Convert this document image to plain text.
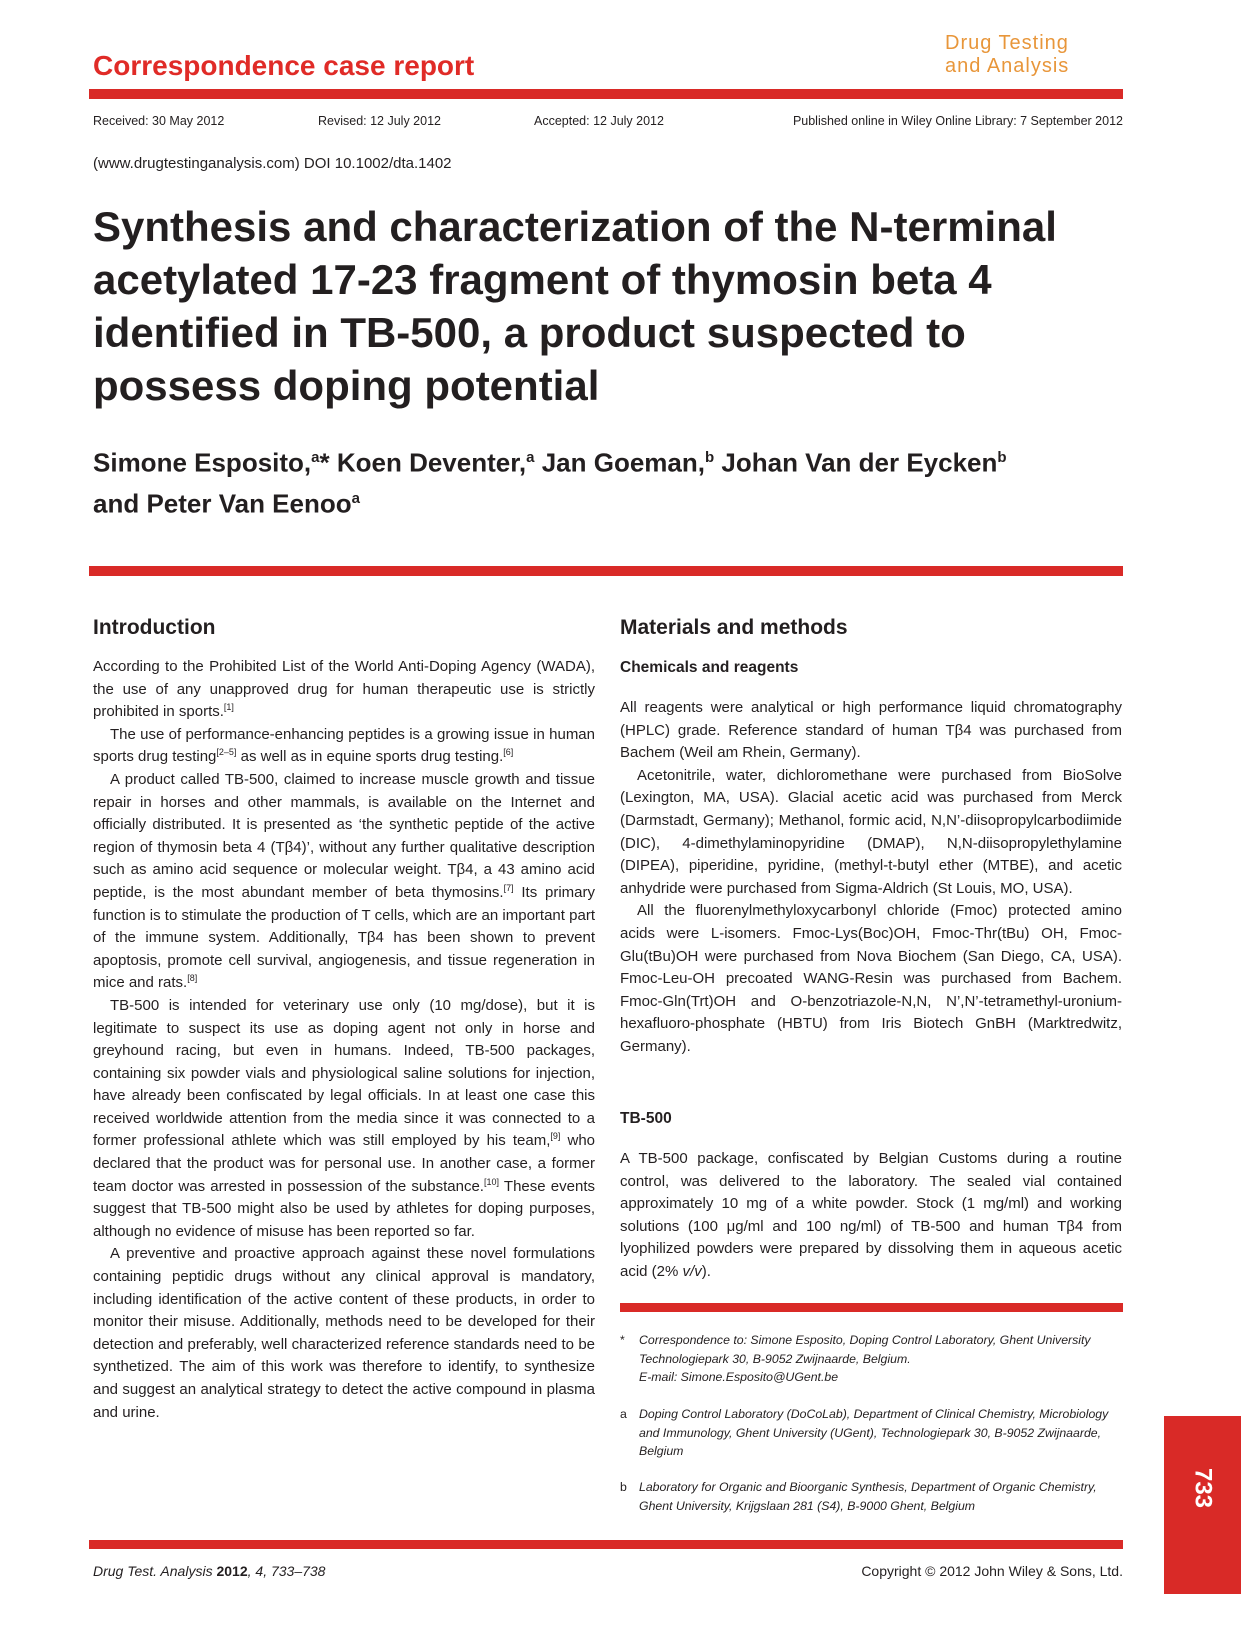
Correspondence case report
Drug Testing
and Analysis
Received: 30 May 2012	Revised: 12 July 2012	Accepted: 12 July 2012	Published online in Wiley Online Library: 7 September 2012
(www.drugtestinganalysis.com) DOI 10.1002/dta.1402
Synthesis and characterization of the N-terminal acetylated 17-23 fragment of thymosin beta 4 identified in TB-500, a product suspected to possess doping potential
Simone Esposito,$^a$* Koen Deventer,$^a$ Jan Goeman,$^b$ Johan Van der Eycken$^b$
and Peter Van Eenoo$^a$
Introduction

According to the Prohibited List of the World Anti-Doping Agency (WADA), the use of any unapproved drug for human therapeutic use is strictly prohibited in sports.[1]

The use of performance-enhancing peptides is a growing issue in human sports drug testing[2–5] as well as in equine sports drug testing.[6]

A product called TB-500, claimed to increase muscle growth and tissue repair in horses and other mammals, is available on the Internet and officially distributed. It is presented as ‘the synthetic peptide of the active region of thymosin beta 4 (Tβ4)’, without any further qualitative description such as amino acid sequence or molecular weight. Tβ4, a 43 amino acid peptide, is the most abundant member of beta thymosins.[7] Its primary function is to stimulate the production of T cells, which are an important part of the immune system. Additionally, Tβ4 has been shown to prevent apoptosis, promote cell survival, angiogenesis, and tissue regeneration in mice and rats.[8]

TB-500 is intended for veterinary use only (10 mg/dose), but it is legitimate to suspect its use as doping agent not only in horse and greyhound racing, but even in humans. Indeed, TB-500 packages, containing six powder vials and physiological saline solutions for injection, have already been confiscated by legal officials. In at least one case this received worldwide attention from the media since it was connected to a former professional athlete which was still employed by his team,[9] who declared that the product was for personal use. In another case, a former team doctor was arrested in possession of the substance.[10] These events suggest that TB-500 might also be used by athletes for doping purposes, although no evidence of misuse has been reported so far.

A preventive and proactive approach against these novel formulations containing peptidic drugs without any clinical approval is mandatory, including identification of the active content of these products, in order to monitor their misuse. Additionally, methods need to be developed for their detection and preferably, well characterized reference standards need to be synthetized. The aim of this work was therefore to identify, to synthesize and suggest an analytical strategy to detect the active compound in plasma and urine.

Materials and methods
Chemicals and reagents

All reagents were analytical or high performance liquid chromatography (HPLC) grade. Reference standard of human Tβ4 was purchased from Bachem (Weil am Rhein, Germany).

Acetonitrile, water, dichloromethane were purchased from BioSolve (Lexington, MA, USA). Glacial acetic acid was purchased from Merck (Darmstadt, Germany); Methanol, formic acid, N,N’-diisopropylcarbodiimide (DIC), 4-dimethylaminopyridine (DMAP), N,N-diisopropylethylamine (DIPEA), piperidine, pyridine, (methyl-t-butyl ether (MTBE), and acetic anhydride were purchased from Sigma-Aldrich (St Louis, MO, USA).

All the fluorenylmethyloxycarbonyl chloride (Fmoc) protected amino acids were L-isomers. Fmoc-Lys(Boc)OH, Fmoc-Thr(tBu) OH, Fmoc-Glu(tBu)OH were purchased from Nova Biochem (San Diego, CA, USA). Fmoc-Leu-OH precoated WANG-Resin was purchased from Bachem. Fmoc-Gln(Trt)OH and O-benzotriazole-N,N, N’,N’-tetramethyl-uronium-hexafluoro-phosphate (HBTU) from Iris Biotech GnBH (Marktredwitz, Germany).

TB-500

A TB-500 package, confiscated by Belgian Customs during a routine control, was delivered to the laboratory. The sealed vial contained approximately 10 mg of a white powder. Stock (1 mg/ml) and working solutions (100 μg/ml and 100 ng/ml) of TB-500 and human Tβ4 from lyophilized powders were prepared by dissolving them in aqueous acetic acid (2% v/v).

* Correspondence to: Simone Esposito, Doping Control Laboratory, Ghent University Technologiepark 30, B-9052 Zwijnaarde, Belgium.
E-mail: Simone.Esposito@UGent.be
a Doping Control Laboratory (DoCoLab), Department of Clinical Chemistry, Microbiology and Immunology, Ghent University (UGent), Technologiepark 30, B-9052 Zwijnaarde, Belgium
b Laboratory for Organic and Bioorganic Synthesis, Department of Organic Chemistry, Ghent University, Krijgslaan 281 (S4), B-9000 Ghent, Belgium	733
Drug Test. Analysis 2012, 4, 733–738	Copyright © 2012 John Wiley & Sons, Ltd.
